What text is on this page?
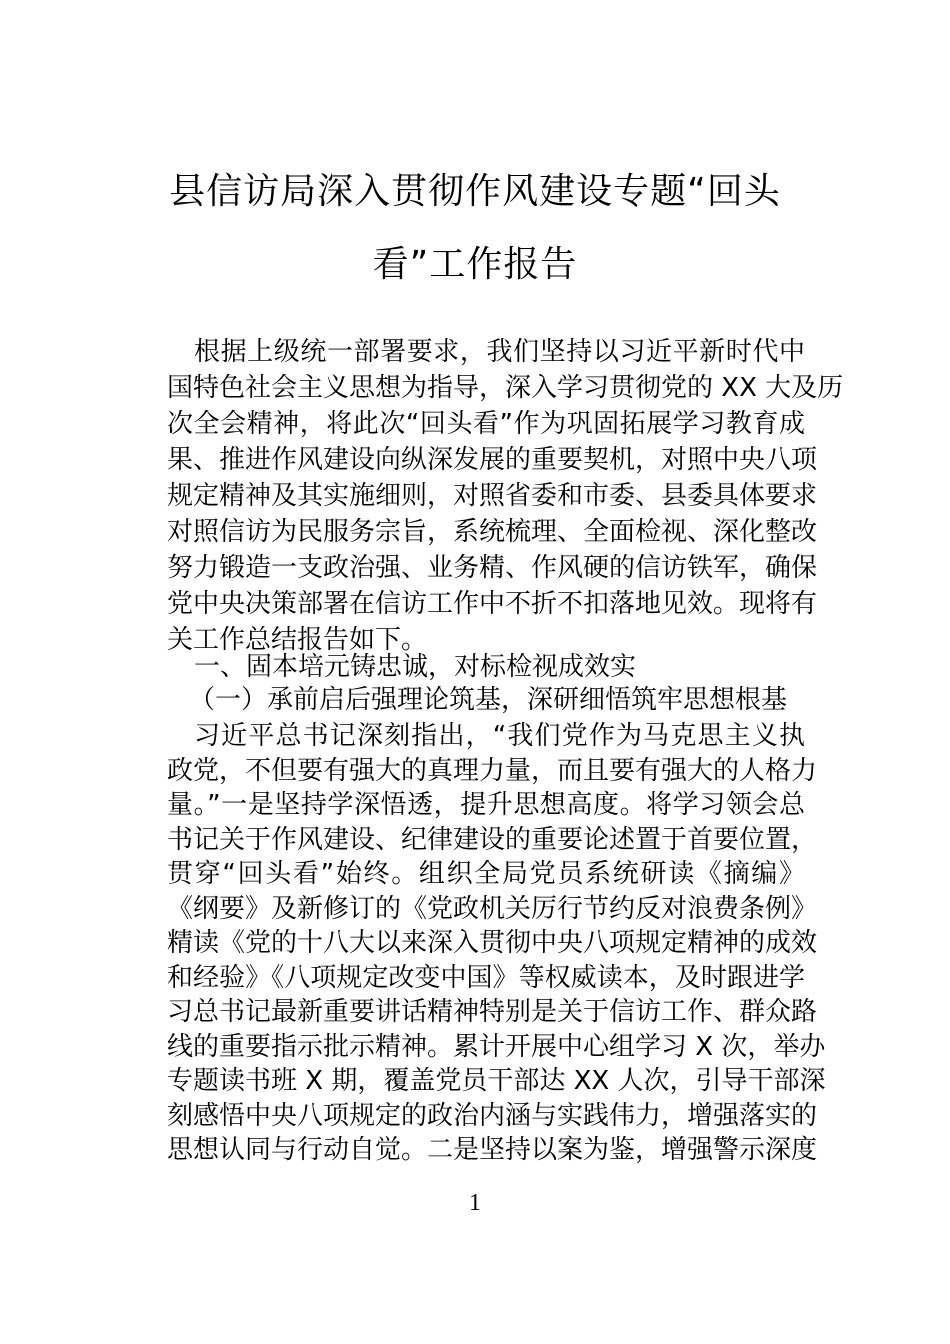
县信访局深入贯彻作风建设专题“回头
看”工作报告
根据上级统一部署要求，我们坚持以习近平新时代中
国特色社会主义思想为指导，深入学习贯彻党的 XX 大及历
次全会精神，将此次“回头看”作为巩固拓展学习教育成
果、推进作风建设向纵深发展的重要契机，对照中央八项
规定精神及其实施细则，对照省委和市委、县委具体要求
对照信访为民服务宗旨，系统梳理、全面检视、深化整改
努力锻造一支政治强、业务精、作风硬的信访铁军，确保
党中央决策部署在信访工作中不折不扣落地见效。现将有
关工作总结报告如下。
一、固本培元铸忠诚，对标检视成效实
（一）承前启后强理论筑基，深研细悟筑牢思想根基
习近平总书记深刻指出，“我们党作为马克思主义执
政党，不但要有强大的真理力量，而且要有强大的人格力
量。”一是坚持学深悟透，提升思想高度。将学习领会总
书记关于作风建设、纪律建设的重要论述置于首要位置，
贯穿“回头看”始终。组织全局党员系统研读《摘编》
《纲要》及新修订的《党政机关厉行节约反对浪费条例》
精读《党的十八大以来深入贯彻中央八项规定精神的成效
和经验》《八项规定改变中国》等权威读本，及时跟进学
习总书记最新重要讲话精神特别是关于信访工作、群众路
线的重要指示批示精神。累计开展中心组学习 X 次，举办
专题读书班 X 期，覆盖党员干部达 XX 人次，引导干部深
刻感悟中央八项规定的政治内涵与实践伟力，增强落实的
思想认同与行动自觉。二是坚持以案为鉴，增强警示深度
1
